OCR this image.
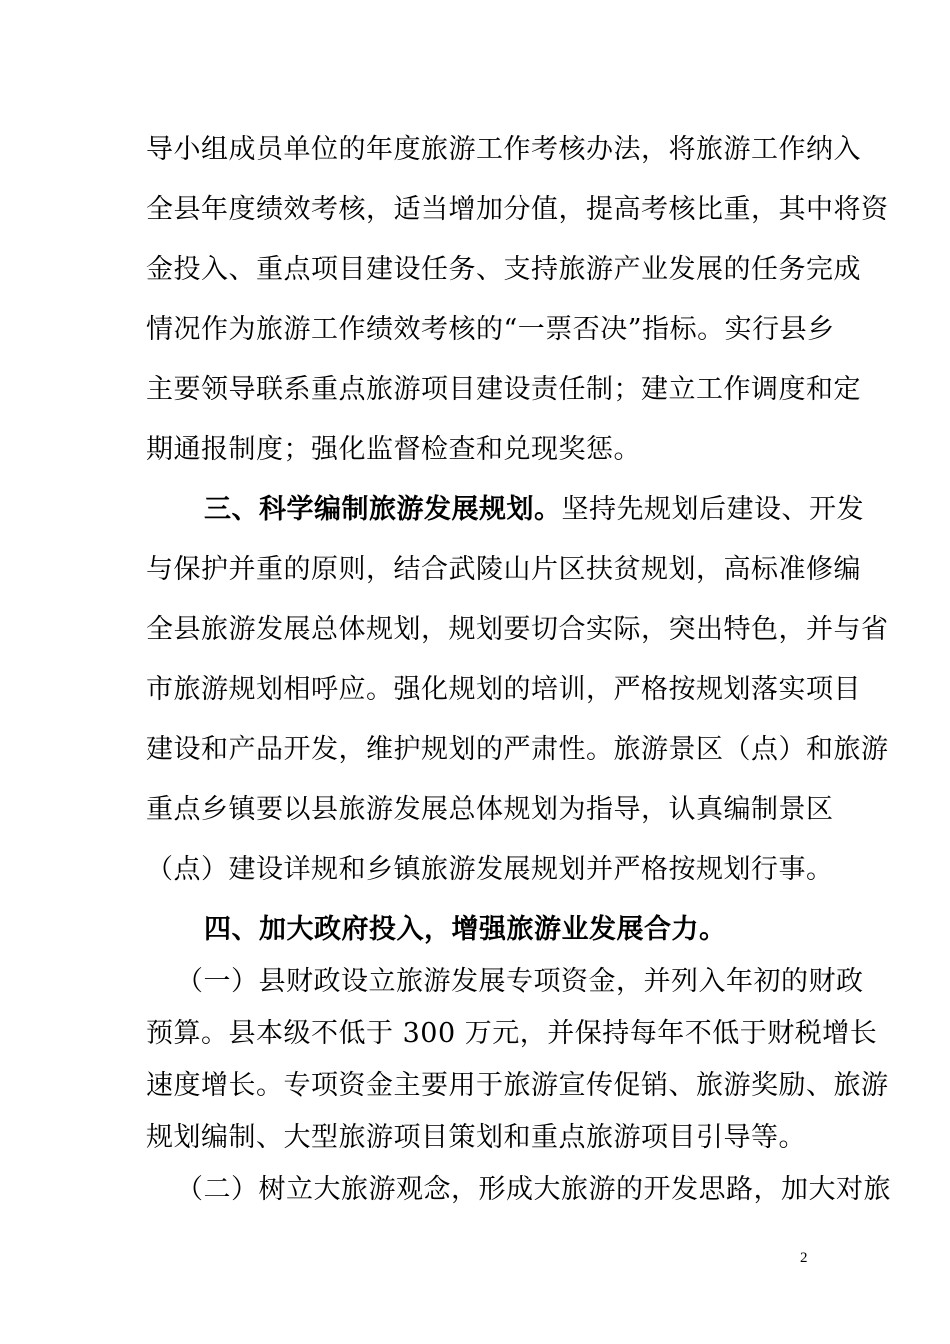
导小组成员单位的年度旅游工作考核办法，将旅游工作纳入
全县年度绩效考核，适当增加分值，提高考核比重，其中将资
金投入、重点项目建设任务、支持旅游产业发展的任务完成
情况作为旅游工作绩效考核的“一票否决”指标。实行县乡
主要领导联系重点旅游项目建设责任制；建立工作调度和定
期通报制度；强化监督检查和兑现奖惩。
三、科学编制旅游发展规划。坚持先规划后建设、开发
与保护并重的原则，结合武陵山片区扶贫规划，高标准修编
全县旅游发展总体规划，规划要切合实际，突出特色，并与省
市旅游规划相呼应。强化规划的培训，严格按规划落实项目
建设和产品开发，维护规划的严肃性。旅游景区（点）和旅游
重点乡镇要以县旅游发展总体规划为指导，认真编制景区
（点）建设详规和乡镇旅游发展规划并严格按规划行事。
四、加大政府投入，增强旅游业发展合力。
（一）县财政设立旅游发展专项资金，并列入年初的财政
预算。县本级不低于 300 万元，并保持每年不低于财税增长
速度增长。专项资金主要用于旅游宣传促销、旅游奖励、旅游
规划编制、大型旅游项目策划和重点旅游项目引导等。
（二）树立大旅游观念，形成大旅游的开发思路，加大对旅
2
